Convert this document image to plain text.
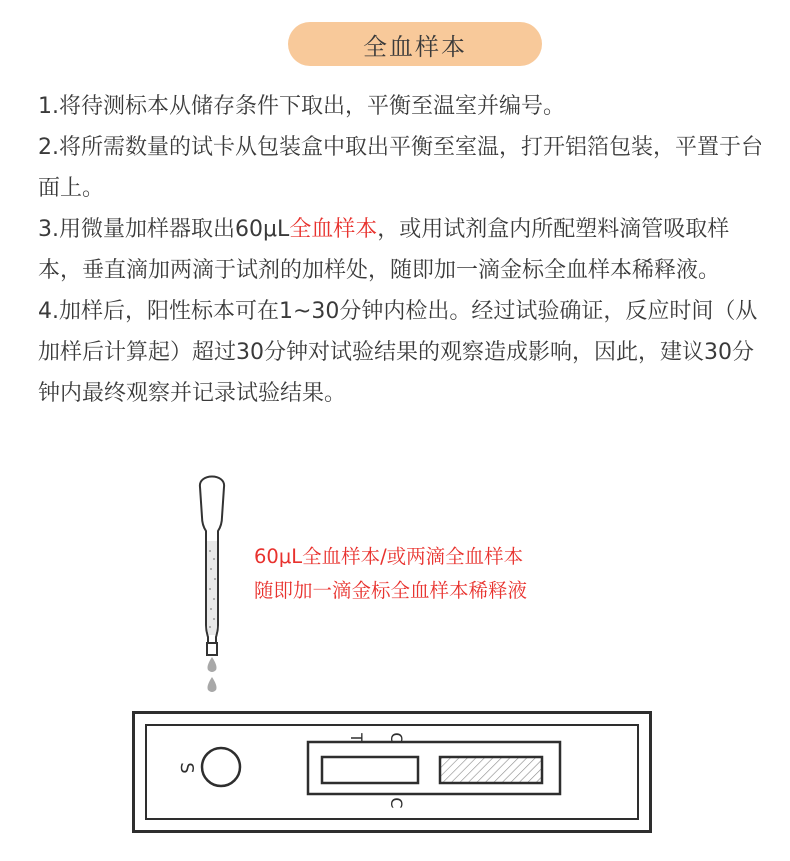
全血样本

1.将待测标本从储存条件下取出，平衡至温室并编号。

2.将所需数量的试卡从包装盒中取出平衡至室温，打开铝箔包装，平置于台面上。

3.用微量加样器取出60μL全血样本，或用试剂盒内所配塑料滴管吸取样本，垂直滴加两滴于试剂的加样处，随即加一滴金标全血样本稀释液。

4.加样后，阳性标本可在1~30分钟内检出。经过试验确证，反应时间（从加样后计算起）超过30分钟对试验结果的观察造成影响，因此，建议30分钟内最终观察并记录试验结果。

60μL全血样本/或两滴全血样本
随即加一滴金标全血样本稀释液
S
T C
C
